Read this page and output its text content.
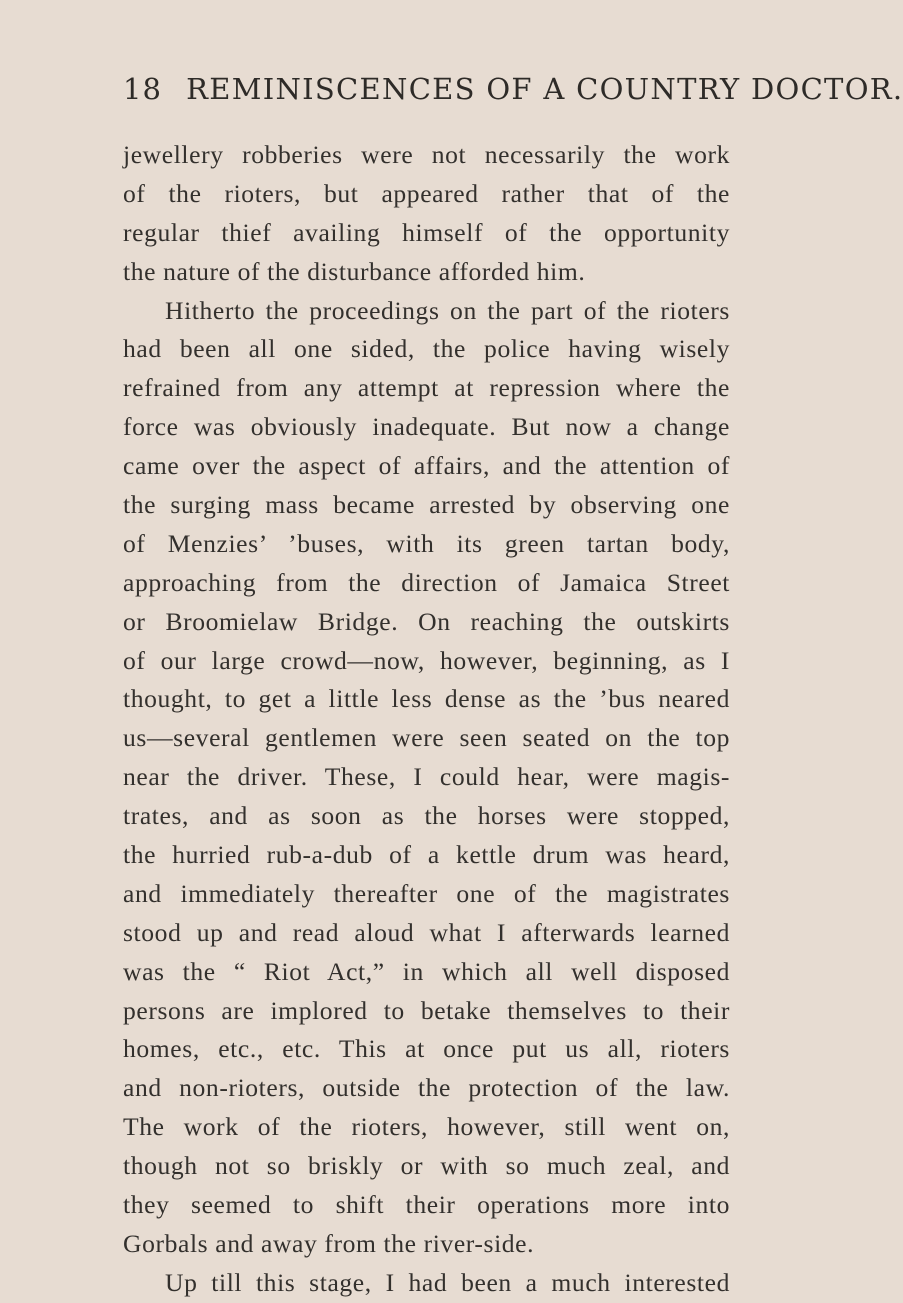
18 REMINISCENCES OF A COUNTRY DOCTOR.
jewellery robberies were not necessarily the work
of the rioters, but appeared rather that of the
regular thief availing himself of the opportunity
the nature of the disturbance afforded him.
Hitherto the proceedings on the part of the rioters
had been all one sided, the police having wisely
refrained from any attempt at repression where the
force was obviously inadequate. But now a change
came over the aspect of affairs, and the attention of
the surging mass became arrested by observing one
of Menzies’ ’buses, with its green tartan body,
approaching from the direction of Jamaica Street
or Broomielaw Bridge. On reaching the outskirts
of our large crowd—now, however, beginning, as I
thought, to get a little less dense as the ’bus neared
us—several gentlemen were seen seated on the top
near the driver. These, I could hear, were magis-
trates, and as soon as the horses were stopped,
the hurried rub-a-dub of a kettle drum was heard,
and immediately thereafter one of the magistrates
stood up and read aloud what I afterwards learned
was the “ Riot Act,” in which all well disposed
persons are implored to betake themselves to their
homes, etc., etc. This at once put us all, rioters
and non-rioters, outside the protection of the law.
The work of the rioters, however, still went on,
though not so briskly or with so much zeal, and
they seemed to shift their operations more into
Gorbals and away from the river-side.
Up till this stage, I had been a much interested
